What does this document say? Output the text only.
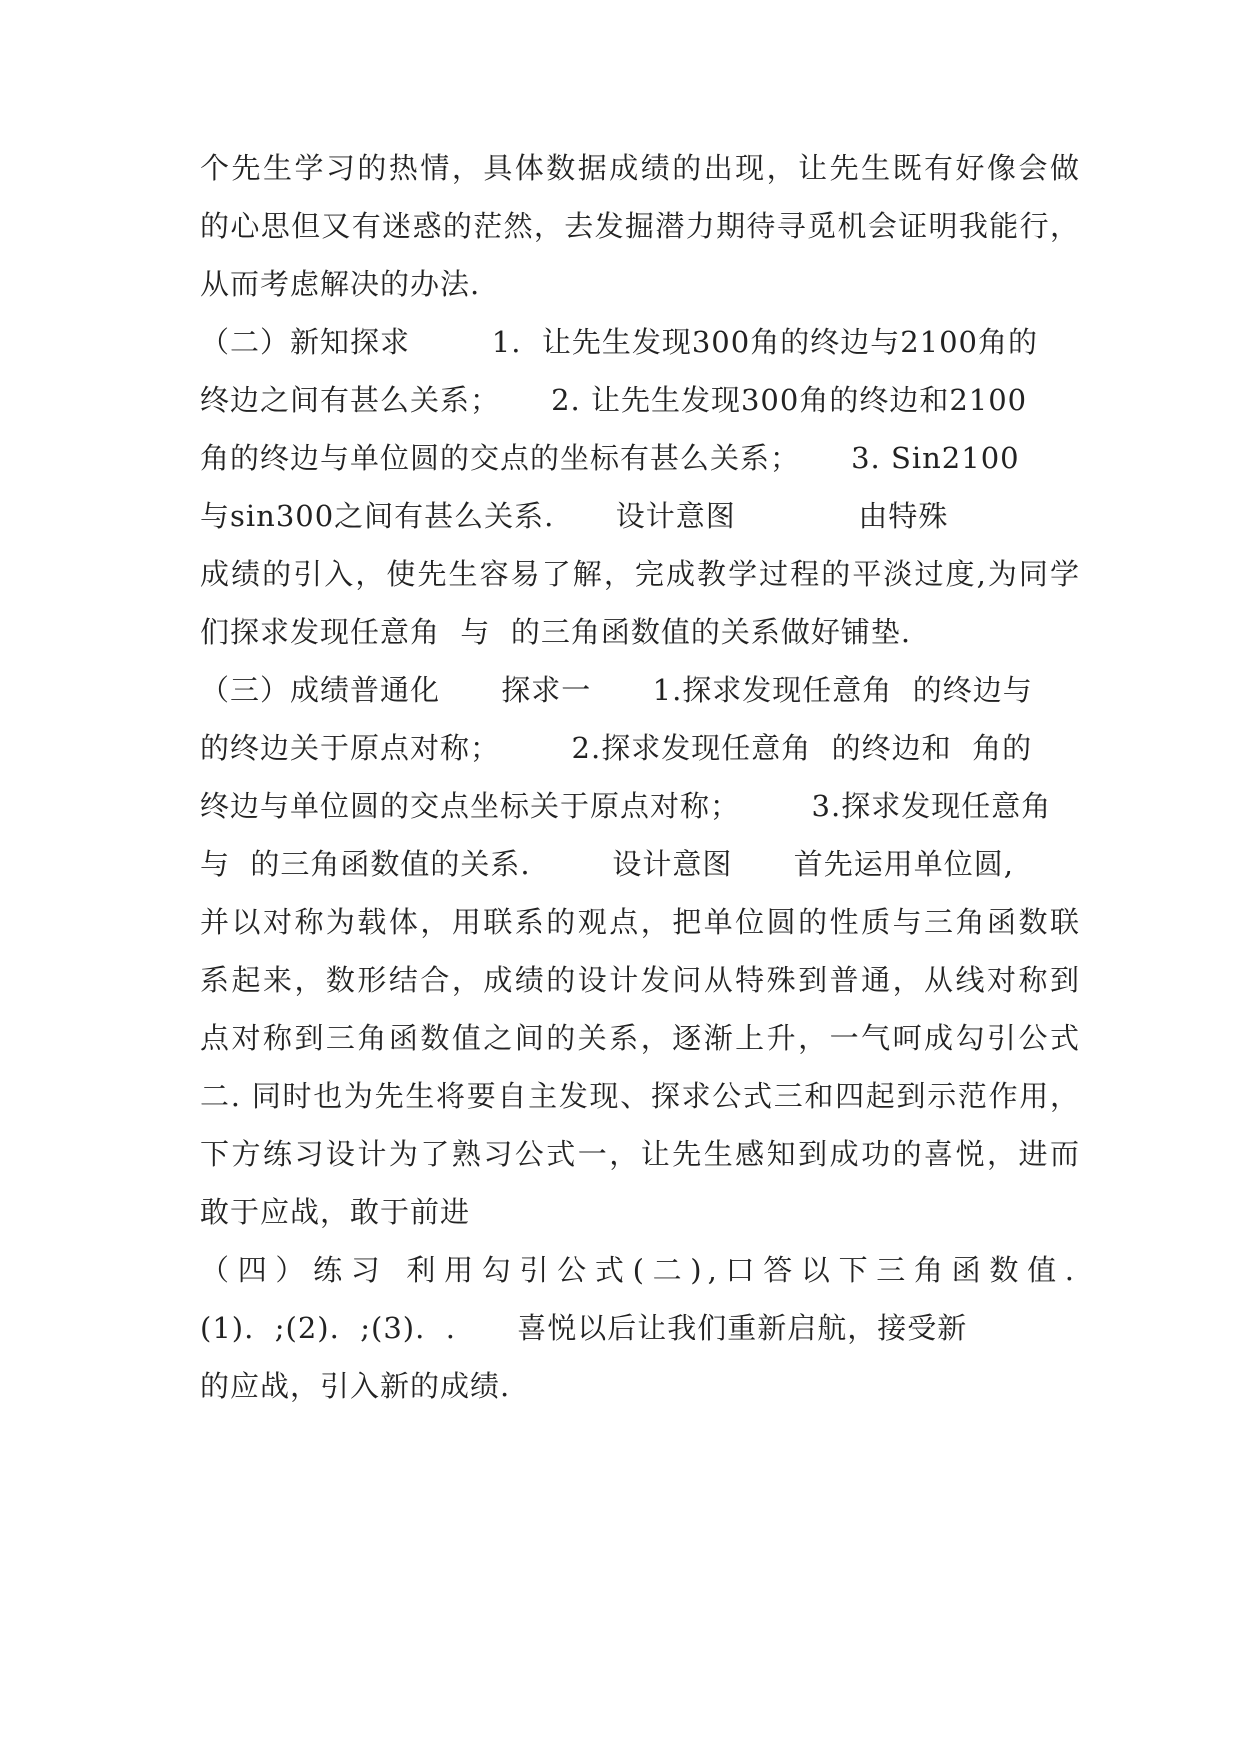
个先生学习的热情，具体数据成绩的出现，让先生既有好像会做
的心思但又有迷惑的茫然，去发掘潜力期待寻觅机会证明我能行，
从而考虑解决的办法.
（二）新知探求        1.  让先生发现300角的终边与2100角的
终边之间有甚么关系；     2. 让先生发现300角的终边和2100
角的终边与单位圆的交点的坐标有甚么关系；     3. Sin2100
与sin300之间有甚么关系.      设计意图            由特殊
成绩的引入，使先生容易了解，完成教学过程的平淡过度,为同学
们探求发现任意角  与  的三角函数值的关系做好铺垫.
（三）成绩普通化      探求一      1.探求发现任意角  的终边与
的终边关于原点对称；       2.探求发现任意角  的终边和  角的
终边与单位圆的交点坐标关于原点对称；       3.探求发现任意角
与  的三角函数值的关系.        设计意图      首先运用单位圆,
并以对称为载体，用联系的观点，把单位圆的性质与三角函数联
系起来，数形结合，成绩的设计发问从特殊到普通，从线对称到
点对称到三角函数值之间的关系，逐渐上升，一气呵成勾引公式
二. 同时也为先生将要自主发现、探求公式三和四起到示范作用，
下方练习设计为了熟习公式一，让先生感知到成功的喜悦，进而
敢于应战，敢于前进
（四）练习 利用勾引公式(二),口答以下三角函数值.
(1).  ;(2).  ;(3).  .      喜悦以后让我们重新启航，接受新
的应战，引入新的成绩.
